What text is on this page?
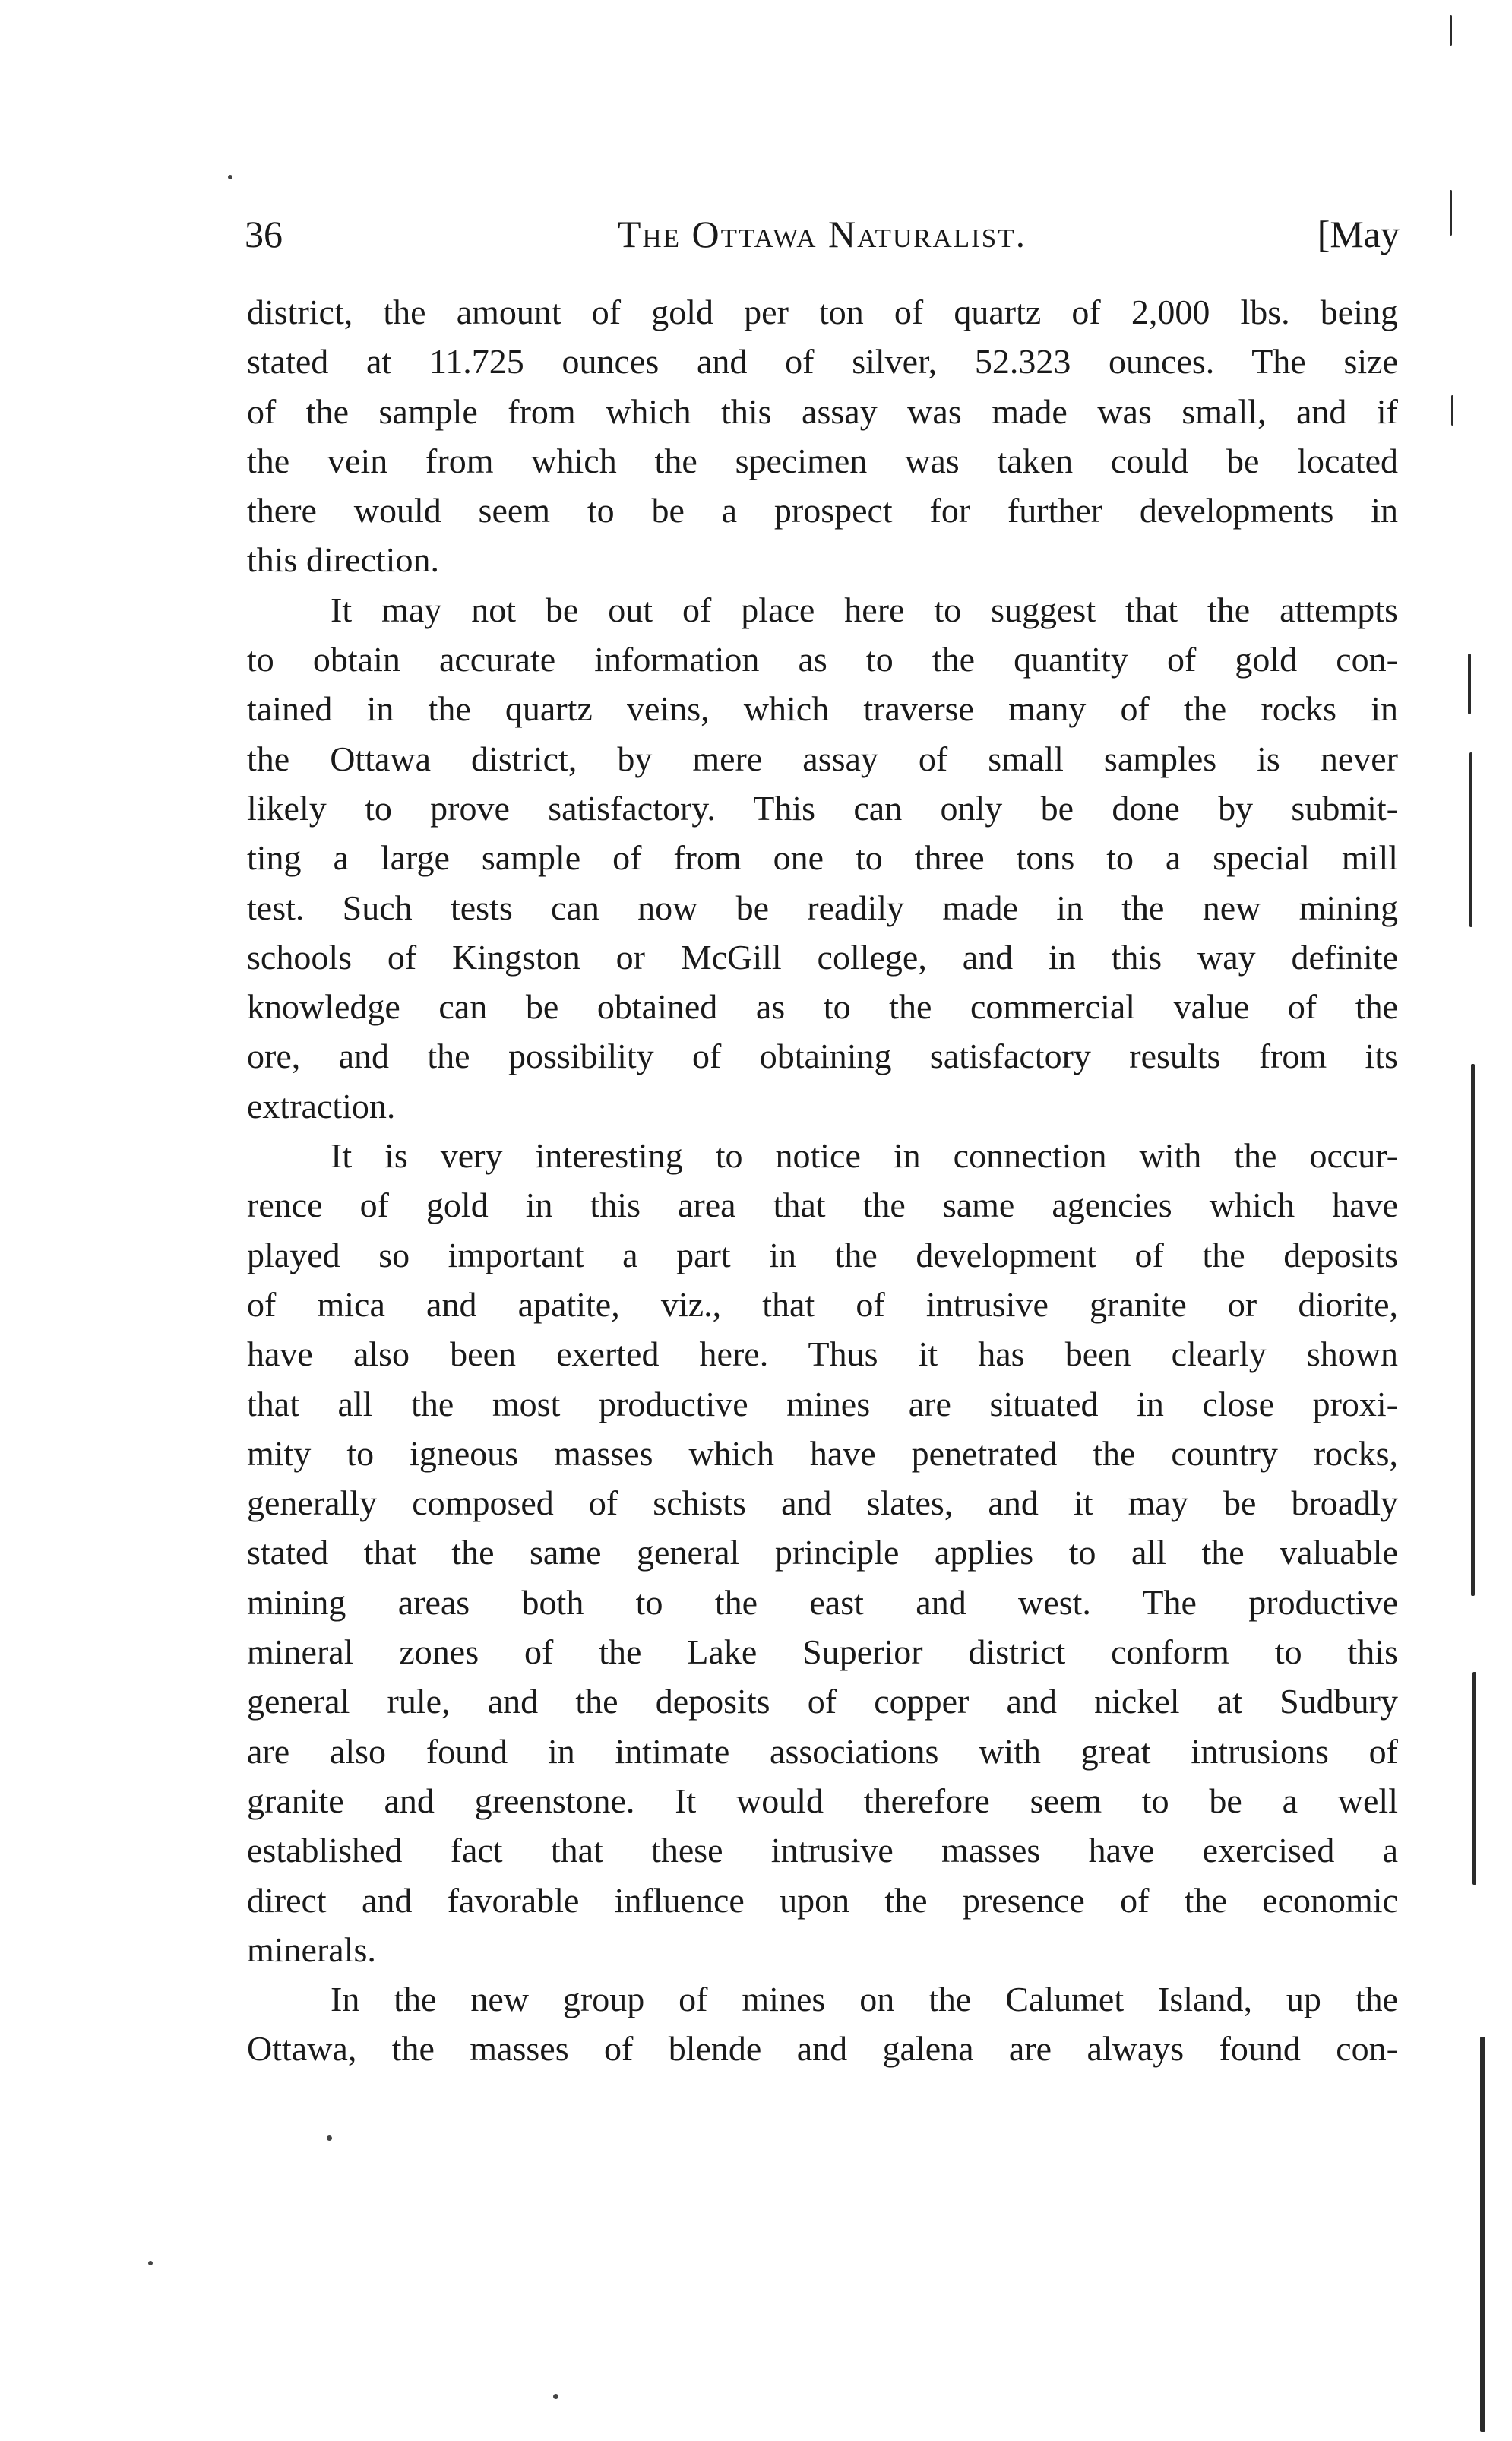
36	The Ottawa Naturalist.	[May

district, the amount of gold per ton of quartz of 2,000 lbs. being
stated at 11.725 ounces and of silver, 52.323 ounces. The size
of the sample from which this assay was made was small, and if
the vein from which the specimen was taken could be located
there would seem to be a prospect for further developments in
this direction.

It may not be out of place here to suggest that the attempts
to obtain accurate information as to the quantity of gold con-
tained in the quartz veins, which traverse many of the rocks in
the Ottawa district, by mere assay of small samples is never
likely to prove satisfactory. This can only be done by submit-
ting a large sample of from one to three tons to a special mill
test. Such tests can now be readily made in the new mining
schools of Kingston or McGill college, and in this way definite
knowledge can be obtained as to the commercial value of the
ore, and the possibility of obtaining satisfactory results from its
extraction.

It is very interesting to notice in connection with the occur-
rence of gold in this area that the same agencies which have
played so important a part in the development of the deposits
of mica and apatite, viz., that of intrusive granite or diorite,
have also been exerted here. Thus it has been clearly shown
that all the most productive mines are situated in close proxi-
mity to igneous masses which have penetrated the country rocks,
generally composed of schists and slates, and it may be broadly
stated that the same general principle applies to all the valuable
mining areas both to the east and west. The productive
mineral zones of the Lake Superior district conform to this
general rule, and the deposits of copper and nickel at Sudbury
are also found in intimate associations with great intrusions of
granite and greenstone. It would therefore seem to be a well
established fact that these intrusive masses have exercised a
direct and favorable influence upon the presence of the economic
minerals.

In the new group of mines on the Calumet Island, up the
Ottawa, the masses of blende and galena are always found con-
